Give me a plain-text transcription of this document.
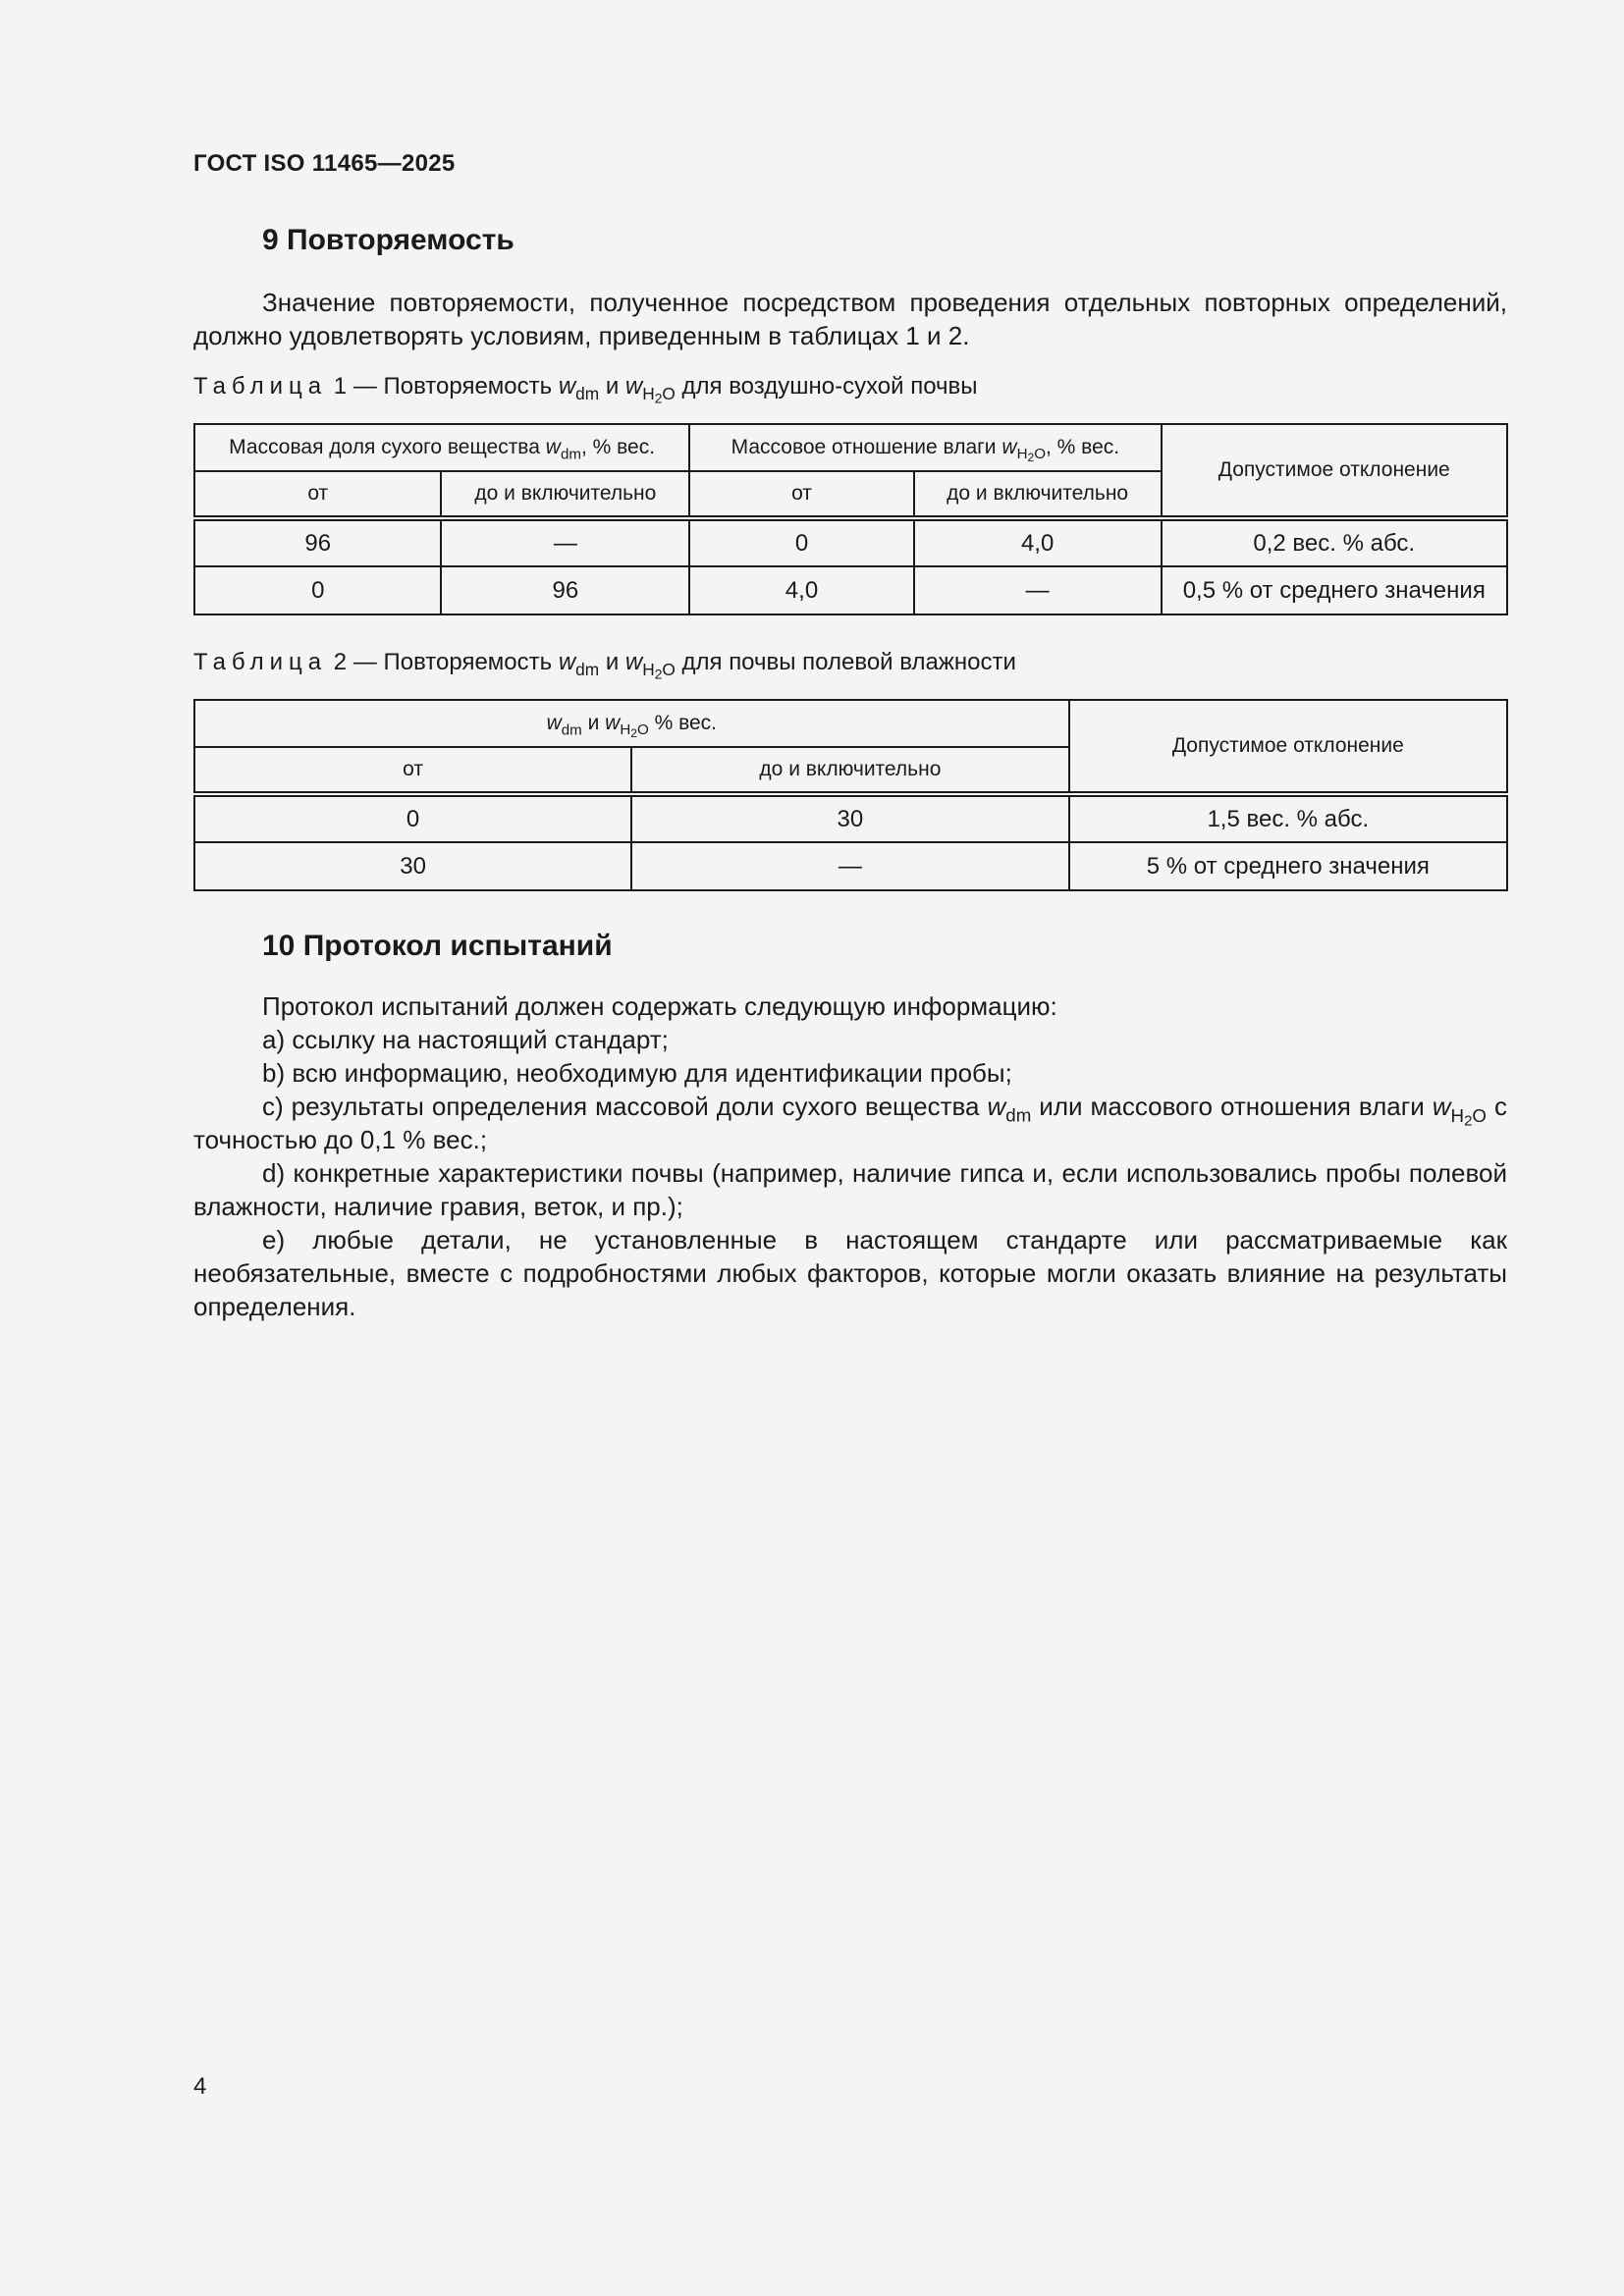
ГОСТ ISO 11465—2025
9 Повторяемость
Значение повторяемости, полученное посредством проведения отдельных повторных определений, должно удовлетворять условиям, приведенным в таблицах 1 и 2.
Таблица 1 — Повторяемость $w_{dm}$ и $w_{H_2O}$ для воздушно-сухой почвы
Массовая доля сухого вещества $w_{dm}$, % вес.		Массовое отношение влаги $w_{H_2O}$, % вес.		Допустимое отклонение
от	до и включительно	от	до и включительно	
96	—	0	4,0	0,2 вес. % абс.
0	96	4,0	—	0,5 % от среднего значения
Таблица 2 — Повторяемость $w_{dm}$ и $w_{H_2O}$ для почвы полевой влажности
$w_{dm}$ и $w_{H_2O}$ % вес.		Допустимое отклонение
от	до и включительно	
0	30	1,5 вес. % абс.
30	—	5 % от среднего значения
10 Протокол испытаний
Протокол испытаний должен содержать следующую информацию:
a) ссылку на настоящий стандарт;
b) всю информацию, необходимую для идентификации пробы;
c) результаты определения массовой доли сухого вещества $w_{dm}$ или массового отношения влаги $w_{H_2O}$ с точностью до 0,1 % вес.;
d) конкретные характеристики почвы (например, наличие гипса и, если использовались пробы полевой влажности, наличие гравия, веток, и пр.);
e) любые детали, не установленные в настоящем стандарте или рассматриваемые как необязательные, вместе с подробностями любых факторов, которые могли оказать влияние на результаты определения.
4
